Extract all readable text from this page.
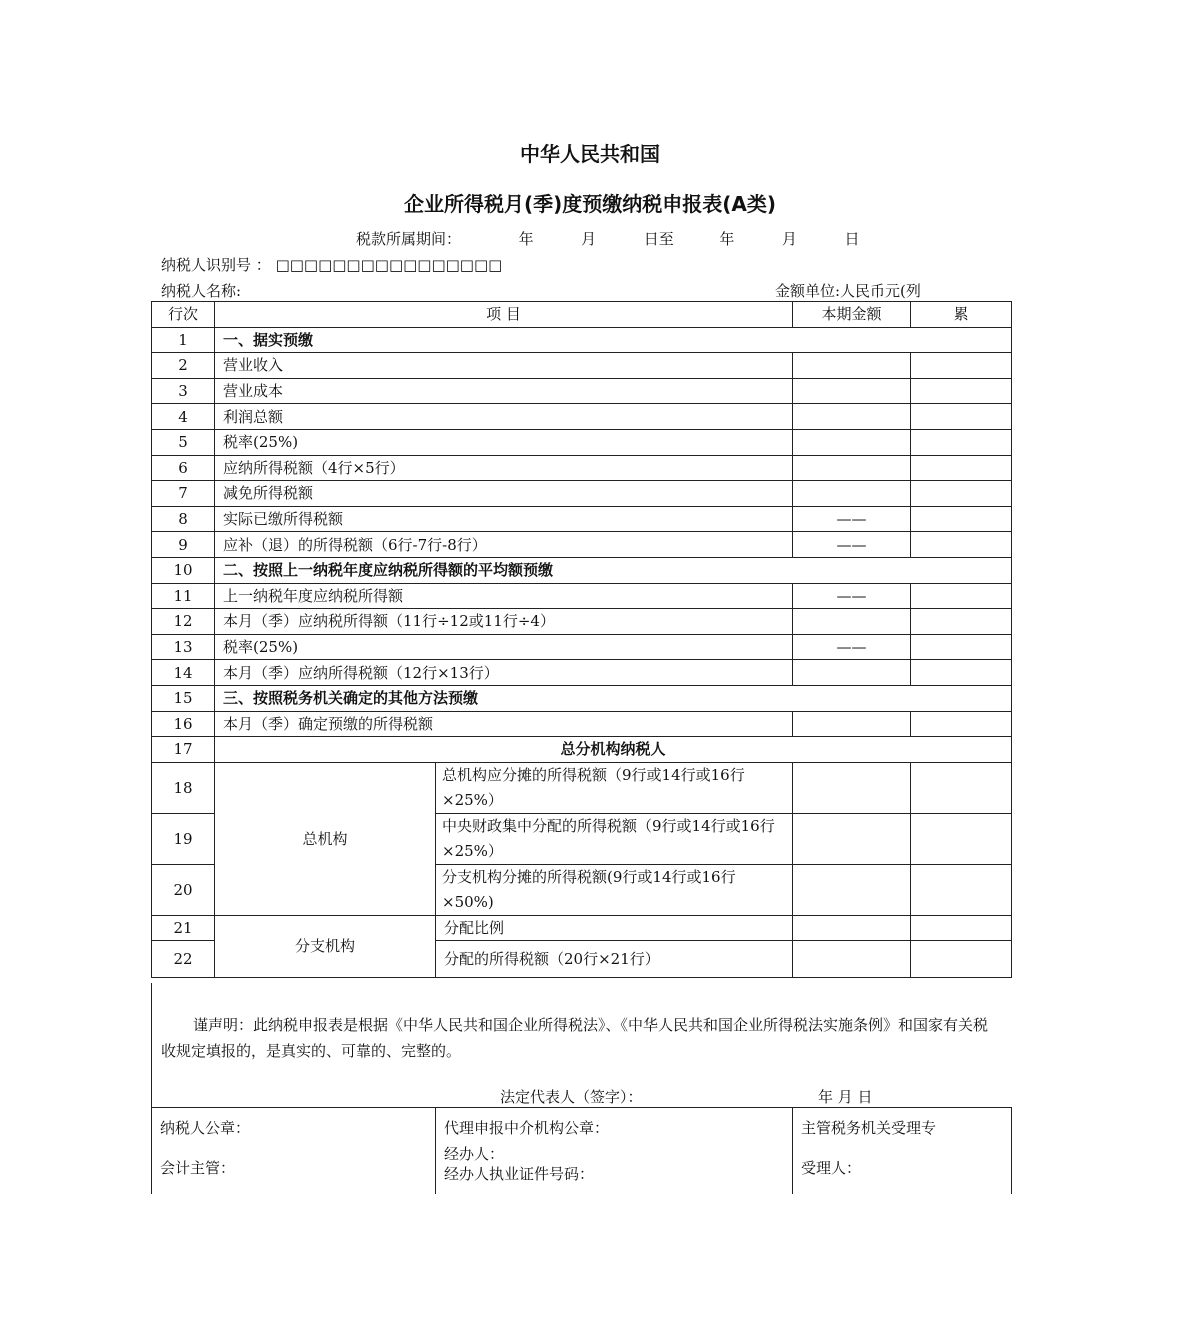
中华人民共和国
企业所得税月(季)度预缴纳税申报表(A类)
税款所属期间：	年	月	日至	年	月	日
纳税人识别号 ： □□□□□□□□□□□□□□□□
纳税人名称:	金额单位:人民币元(列
行次	项 目		本期金额	累
1	一、据实预缴			
2	营业收入			
3	营业成本			
4	利润总额			
5	税率(25%)			
6	应纳所得税额（4行×5行）			
7	减免所得税额			
8	实际已缴所得税额		——	
9	应补（退）的所得税额（6行-7行-8行）		——	
10	二、按照上一纳税年度应纳税所得额的平均额预缴			
11	上一纳税年度应纳税所得额		——	
12	本月（季）应纳税所得额（11行÷12或11行÷4）			
13	税率(25%)		——	
14	本月（季）应纳所得税额（12行×13行）			
15	三、按照税务机关确定的其他方法预缴			
16	本月（季）确定预缴的所得税额			
17	总分机构纳税人			
18	总机构	总机构应分摊的所得税额（9行或14行或16行×25%）		
19		中央财政集中分配的所得税额（9行或14行或16行×25%）		
20		分支机构分摊的所得税额(9行或14行或16行×50%)		
21	分支机构	分配比例		
22		分配的所得税额（20行×21行）		
谨声明：此纳税申报表是根据《中华人民共和国企业所得税法》、《中华人民共和国企业所得税法实施条例》和国家有关税收规定填报的，是真实的、可靠的、完整的。
法定代表人（签字）：	年 月 日
纳税人公章：
会计主管：

代理申报中介机构公章：
经办人：
经办人执业证件号码：

主管税务机关受理专
受理人：
